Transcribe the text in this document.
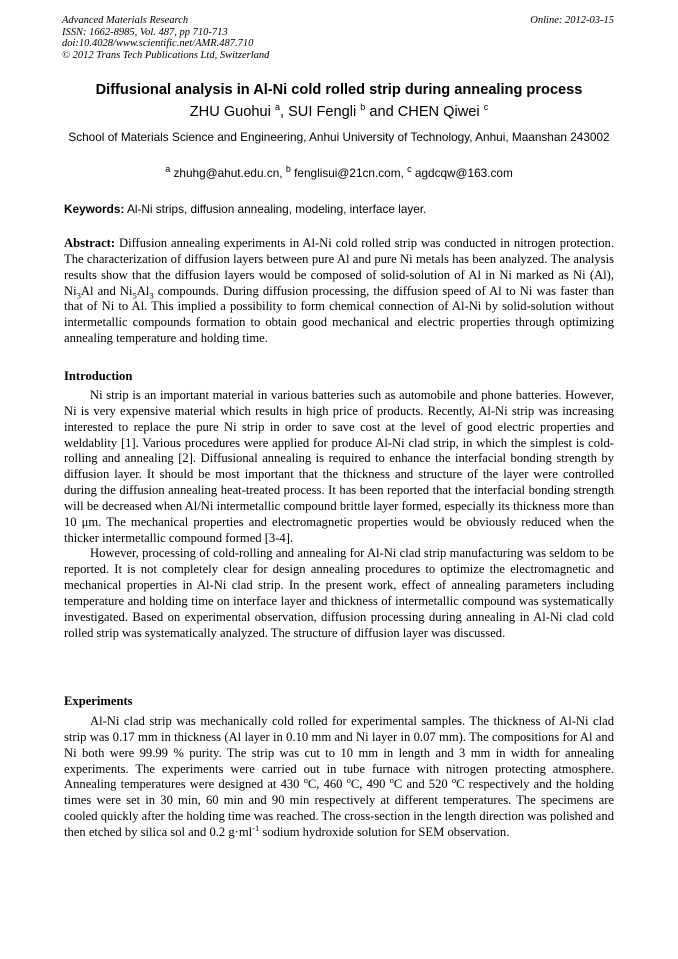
Advanced Materials Research
ISSN: 1662-8985, Vol. 487, pp 710-713
doi:10.4028/www.scientific.net/AMR.487.710
© 2012 Trans Tech Publications Ltd, Switzerland
Online: 2012-03-15
Diffusional analysis in Al-Ni cold rolled strip during annealing process
ZHU Guohui $^a$, SUI Fengli $^b$ and CHEN Qiwei $^c$
School of Materials Science and Engineering, Anhui University of Technology, Anhui, Maanshan 243002
$^a$ zhuhg@ahut.edu.cn, $^b$ fenglisui@21cn.com, $^c$ agdcqw@163.com
Keywords: Al-Ni strips, diffusion annealing, modeling, interface layer.

Abstract: Diffusion annealing experiments in Al-Ni cold rolled strip was conducted in nitrogen protection. The characterization of diffusion layers between pure Al and pure Ni metals has been analyzed. The analysis results show that the diffusion layers would be composed of solid-solution of Al in Ni marked as Ni (Al), $Ni_3Al$ and $Ni_5Al_3$ compounds. During diffusion processing, the diffusion speed of Al to Ni was faster than that of Ni to Al. This implied a possibility to form chemical connection of Al-Ni by solid-solution without intermetallic compounds formation to obtain good mechanical and electric properties through optimizing annealing temperature and holding time.

Introduction

Ni strip is an important material in various batteries such as automobile and phone batteries. However, Ni is very expensive material which results in high price of products. Recently, Al-Ni strip was increasing interested to replace the pure Ni strip in order to save cost at the level of good electric properties and weldablity [1]. Various procedures were applied for produce Al-Ni clad strip, in which the simplest is cold-rolling and annealing [2]. Diffusional annealing is required to enhance the interfacial bonding strength by diffusion layer. It should be most important that the thickness and structure of the layer were controlled during the diffusion annealing heat-treated process. It has been reported that the interfacial bonding strength will be decreased when Al/Ni intermetallic compound brittle layer formed, especially its thickness more than 10 μm. The mechanical properties and electromagnetic properties would be obviously reduced when the thicker intermetallic compound formed [3-4].

However, processing of cold-rolling and annealing for Al-Ni clad strip manufacturing was seldom to be reported. It is not completely clear for design annealing procedures to optimize the electromagnetic and mechanical properties in Al-Ni clad strip. In the present work, effect of annealing parameters including temperature and holding time on interface layer and thickness of intermetallic compound was systematically investigated. Based on experimental observation, diffusion processing during annealing in Al-Ni clad cold rolled strip was systematically analyzed. The structure of diffusion layer was discussed.

Experiments

Al-Ni clad strip was mechanically cold rolled for experimental samples. The thickness of Al-Ni clad strip was 0.17 mm in thickness (Al layer in 0.10 mm and Ni layer in 0.07 mm). The compositions for Al and Ni both were 99.99 % purity. The strip was cut to 10 mm in length and 3 mm in width for annealing experiments. The experiments were carried out in tube furnace with nitrogen protecting atmosphere. Annealing temperatures were designed at 430 $^o$C, 460 $^o$C, 490 $^o$C and 520 $^o$C respectively and the holding times were set in 30 min, 60 min and 90 min respectively at different temperatures. The specimens are cooled quickly after the holding time was reached. The cross-section in the length direction was polished and then etched by silica sol and 0.2 $g\cdot ml^{-1}$ sodium hydroxide solution for SEM observation.
